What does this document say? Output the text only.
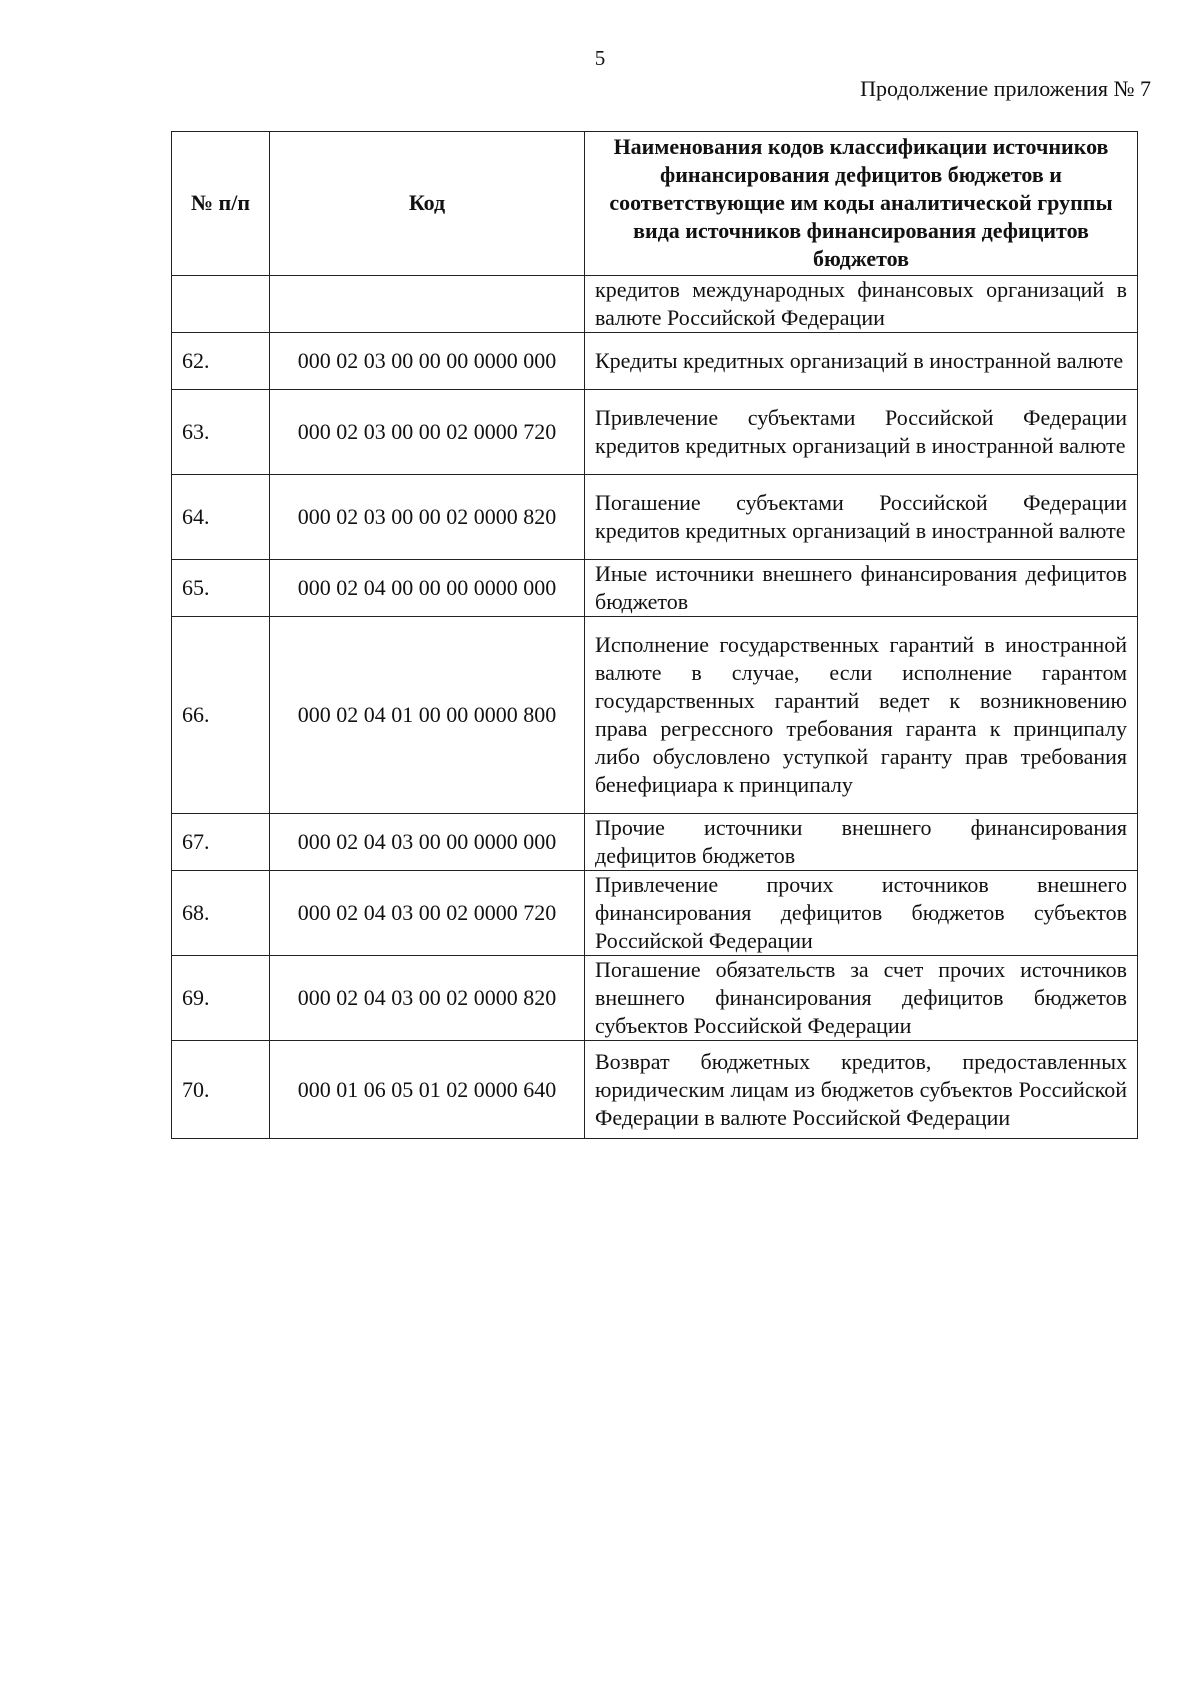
5
Продолжение приложения № 7
№ п/п	Код	Наименования кодов классификации источников финансирования дефицитов бюджетов и соответствующие им коды аналитической группы вида источников финансирования дефицитов бюджетов
		кредитов международных финансовых организаций в валюте Российской Федерации
62.	000 02 03 00 00 00 0000 000	Кредиты кредитных организаций в иностранной валюте
63.	000 02 03 00 00 02 0000 720	Привлечение субъектами Российской Федерации кредитов кредитных организаций в иностранной валюте
64.	000 02 03 00 00 02 0000 820	Погашение субъектами Российской Федерации кредитов кредитных организаций в иностранной валюте
65.	000 02 04 00 00 00 0000 000	Иные источники внешнего финансирования дефицитов бюджетов
66.	000 02 04 01 00 00 0000 800	Исполнение государственных гарантий в иностранной валюте в случае, если исполнение гарантом государственных гарантий ведет к возникновению права регрессного требования гаранта к принципалу либо обусловлено уступкой гаранту прав требования бенефициара к принципалу
67.	000 02 04 03 00 00 0000 000	Прочие источники внешнего финансирования дефицитов бюджетов
68.	000 02 04 03 00 02 0000 720	Привлечение прочих источников внешнего финансирования дефицитов бюджетов субъектов Российской Федерации
69.	000 02 04 03 00 02 0000 820	Погашение обязательств за счет прочих источников внешнего финансирования дефицитов бюджетов субъектов Российской Федерации
70.	000 01 06 05 01 02 0000 640	Возврат бюджетных кредитов, предоставленных юридическим лицам из бюджетов субъектов Российской Федерации в валюте Российской Федерации
